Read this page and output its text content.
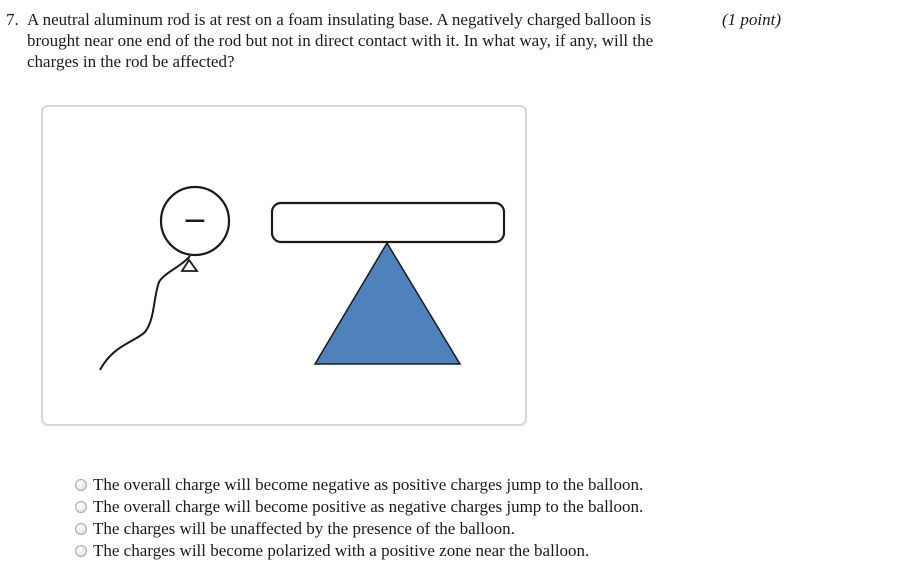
7. A neutral aluminum rod is at rest on a foam insulating base. A negatively charged balloon is brought near one end of the rod but not in direct contact with it. In what way, if any, will the charges in the rod be affected?
(1 point)
−
The overall charge will become negative as positive charges jump to the balloon.
The overall charge will become positive as negative charges jump to the balloon.
The charges will be unaffected by the presence of the balloon.
The charges will become polarized with a positive zone near the balloon.
